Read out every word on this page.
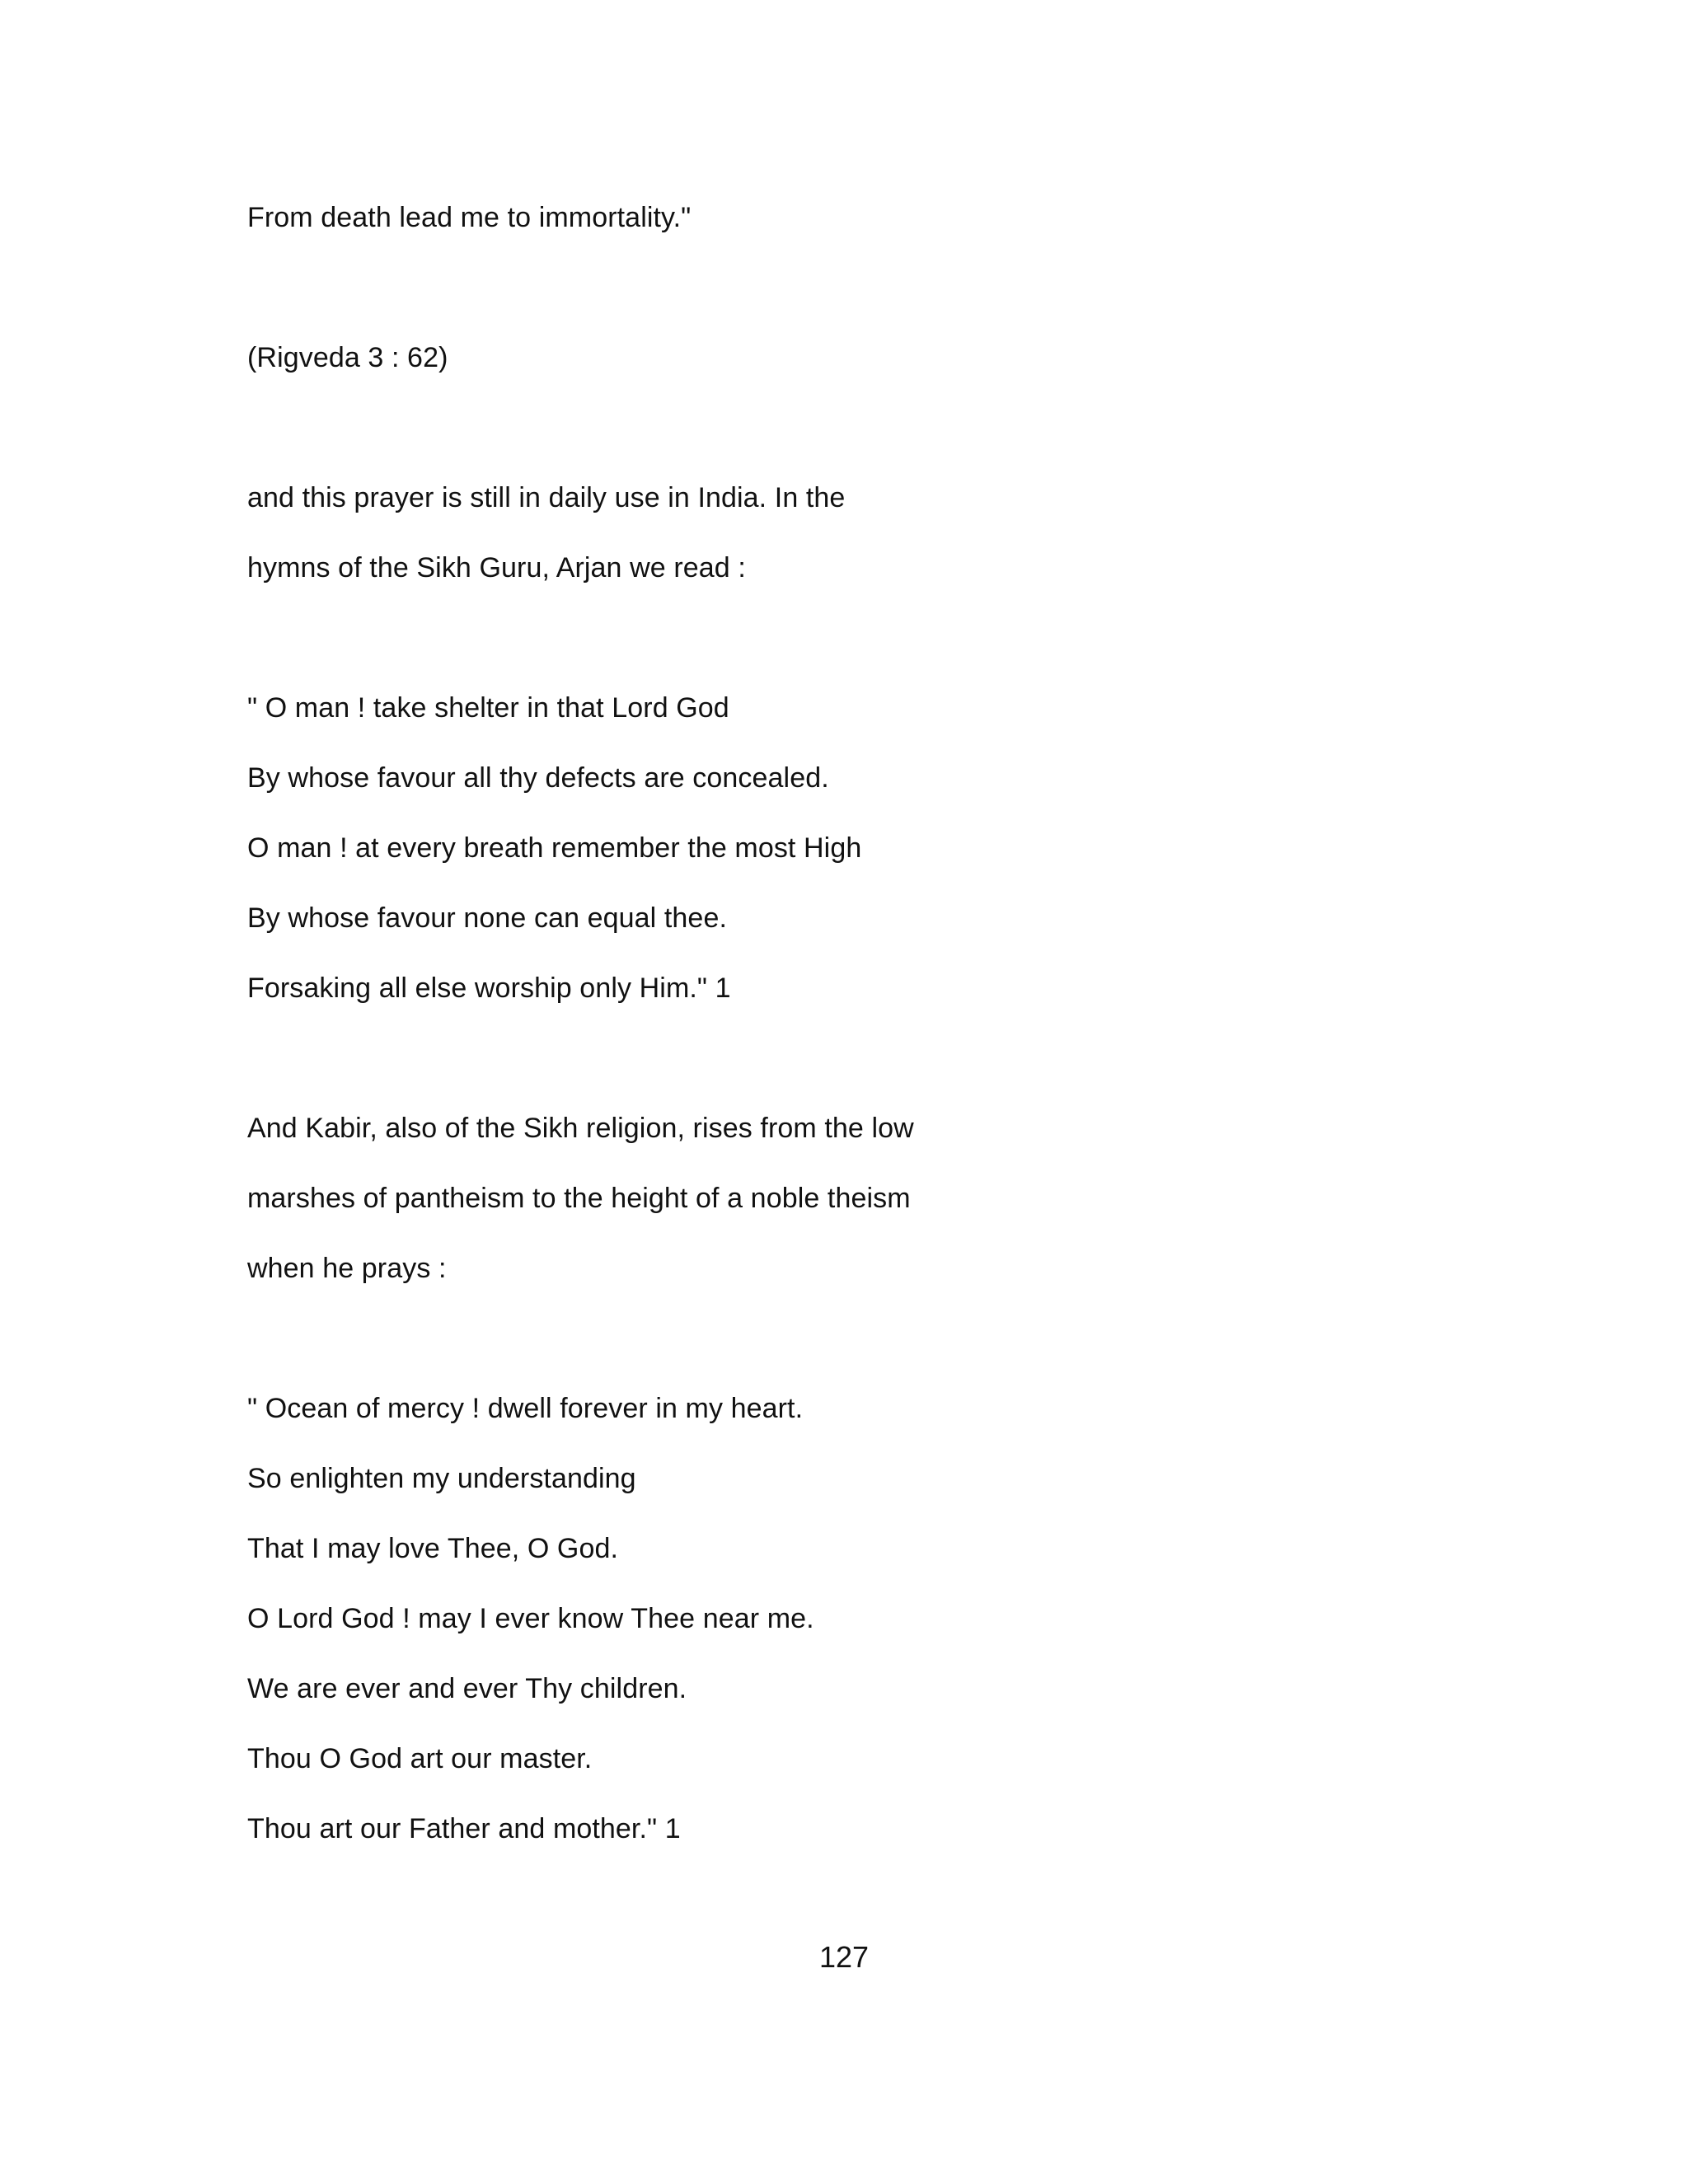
From death lead me to immortality."
(Rigveda 3 : 62)
and this prayer is still in daily use in India. In the
hymns of the Sikh Guru, Arjan we read :
" O man ! take shelter in that Lord God
By whose favour all thy defects are concealed.
O man ! at every breath remember the most High
By whose favour none can equal thee.
Forsaking all else worship only Him." 1
And Kabir, also of the Sikh religion, rises from the low
marshes of pantheism to the height of a noble theism
when he prays :
" Ocean of mercy ! dwell forever in my heart.
So enlighten my understanding
That I may love Thee, O God.
O Lord God ! may I ever know Thee near me.
We are ever and ever Thy children.
Thou O God art our master.
Thou art our Father and mother." 1
127
